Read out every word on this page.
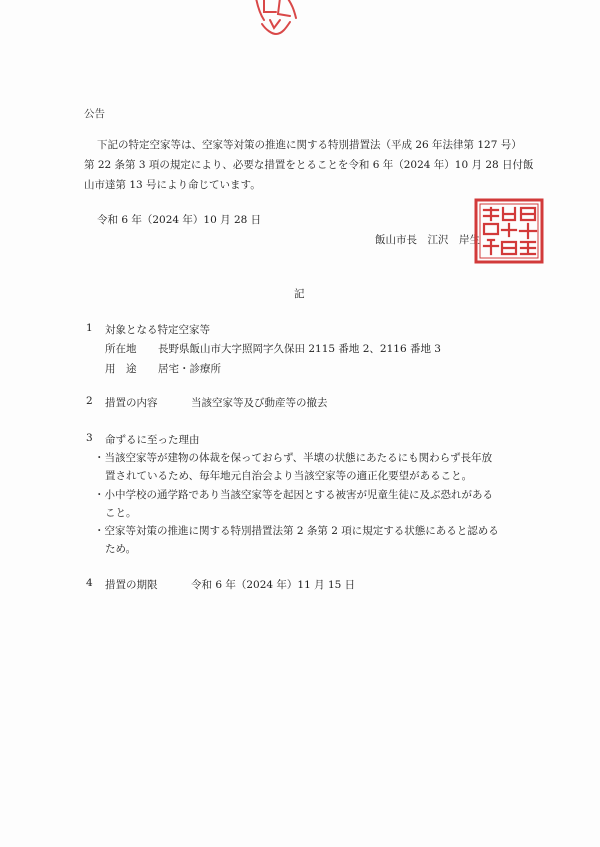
公告
下記の特定空家等は、空家等対策の推進に関する特別措置法（平成 26 年法律第 127 号）
第 22 条第 3 項の規定により、必要な措置をとることを令和 6 年（2024 年）10 月 28 日付飯
山市達第 13 号により命じています。
令和 6 年（2024 年）10 月 28 日
飯山市長　江沢　岸生
記
1 対象となる特定空家等
所在地 長野県飯山市大字照岡字久保田 2115 番地 2、2116 番地 3
用　途 居宅・診療所
2 措置の内容	当該空家等及び動産等の撤去
3 命ずるに至った理由
・当該空家等が建物の体裁を保っておらず、半壊の状態にあたるにも関わらず長年放
置されているため、毎年地元自治会より当該空家等の適正化要望があること。
・小中学校の通学路であり当該空家等を起因とする被害が児童生徒に及ぶ恐れがある
こと。
・空家等対策の推進に関する特別措置法第 2 条第 2 項に規定する状態にあると認める
ため。
4 措置の期限	令和 6 年（2024 年）11 月 15 日
